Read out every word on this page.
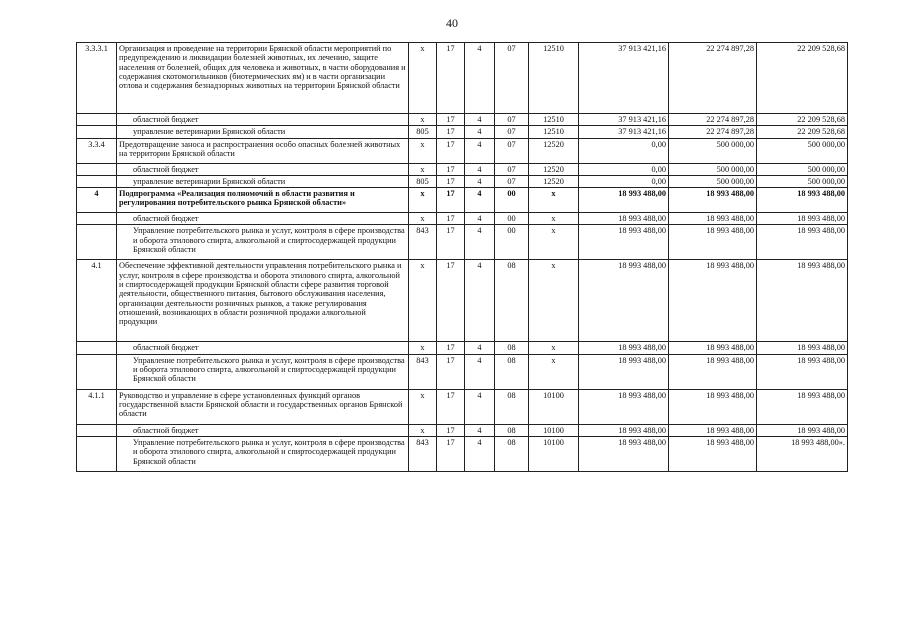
40
3.3.3.1	Организация и проведение на территории Брянской области мероприятий по предупреждению и ликвидации болезней животных, их лечению, защите населения от болезней, общих для человека и животных, в части оборудования и содержания скотомогильников (биотермических ям) и в части организации отлова и содержания безнадзорных животных на территории Брянской области	x	17	4	07	12510	37 913 421,16	22 274 897,28	22 209 528,68
	областной бюджет	x	17	4	07	12510	37 913 421,16	22 274 897,28	22 209 528,68
	управление ветеринарии Брянской области	805	17	4	07	12510	37 913 421,16	22 274 897,28	22 209 528,68
3.3.4	Предотвращение заноса и распространения особо опасных болезней животных на территории Брянской области	x	17	4	07	12520	0,00	500 000,00	500 000,00
	областной бюджет	x	17	4	07	12520	0,00	500 000,00	500 000,00
	управление ветеринарии Брянской области	805	17	4	07	12520	0,00	500 000,00	500 000,00
4	Подпрограмма «Реализация полномочий в области развития и регулирования потребительского рынка Брянской области»	x	17	4	00	x	18 993 488,00	18 993 488,00	18 993 488,00
	областной бюджет	x	17	4	00	x	18 993 488,00	18 993 488,00	18 993 488,00
	Управление потребительского рынка и услуг, контроля в сфере производства и оборота этилового спирта, алкогольной и спиртосодержащей продукции Брянской области	843	17	4	00	x	18 993 488,00	18 993 488,00	18 993 488,00
4.1	Обеспечение эффективной деятельности управления потребительского рынка и услуг, контроля в сфере производства и оборота этилового спирта, алкогольной и спиртосодержащей продукции Брянской области сфере развития торговой деятельности, общественного питания, бытового обслуживания населения, организации деятельности розничных рынков, а также регулирования отношений, возникающих в области розничной продажи алкогольной продукции	x	17	4	08	x	18 993 488,00	18 993 488,00	18 993 488,00
	областной бюджет	x	17	4	08	x	18 993 488,00	18 993 488,00	18 993 488,00
	Управление потребительского рынка и услуг, контроля в сфере производства и оборота этилового спирта, алкогольной и спиртосодержащей продукции Брянской области	843	17	4	08	x	18 993 488,00	18 993 488,00	18 993 488,00
4.1.1	Руководство и управление в сфере установленных функций органов государственной власти Брянской области и государственных органов Брянской области	x	17	4	08	10100	18 993 488,00	18 993 488,00	18 993 488,00
	областной бюджет	x	17	4	08	10100	18 993 488,00	18 993 488,00	18 993 488,00
	Управление потребительского рынка и услуг, контроля в сфере производства и оборота этилового спирта, алкогольной и спиртосодержащей продукции Брянской области	843	17	4	08	10100	18 993 488,00	18 993 488,00	18 993 488,00».
